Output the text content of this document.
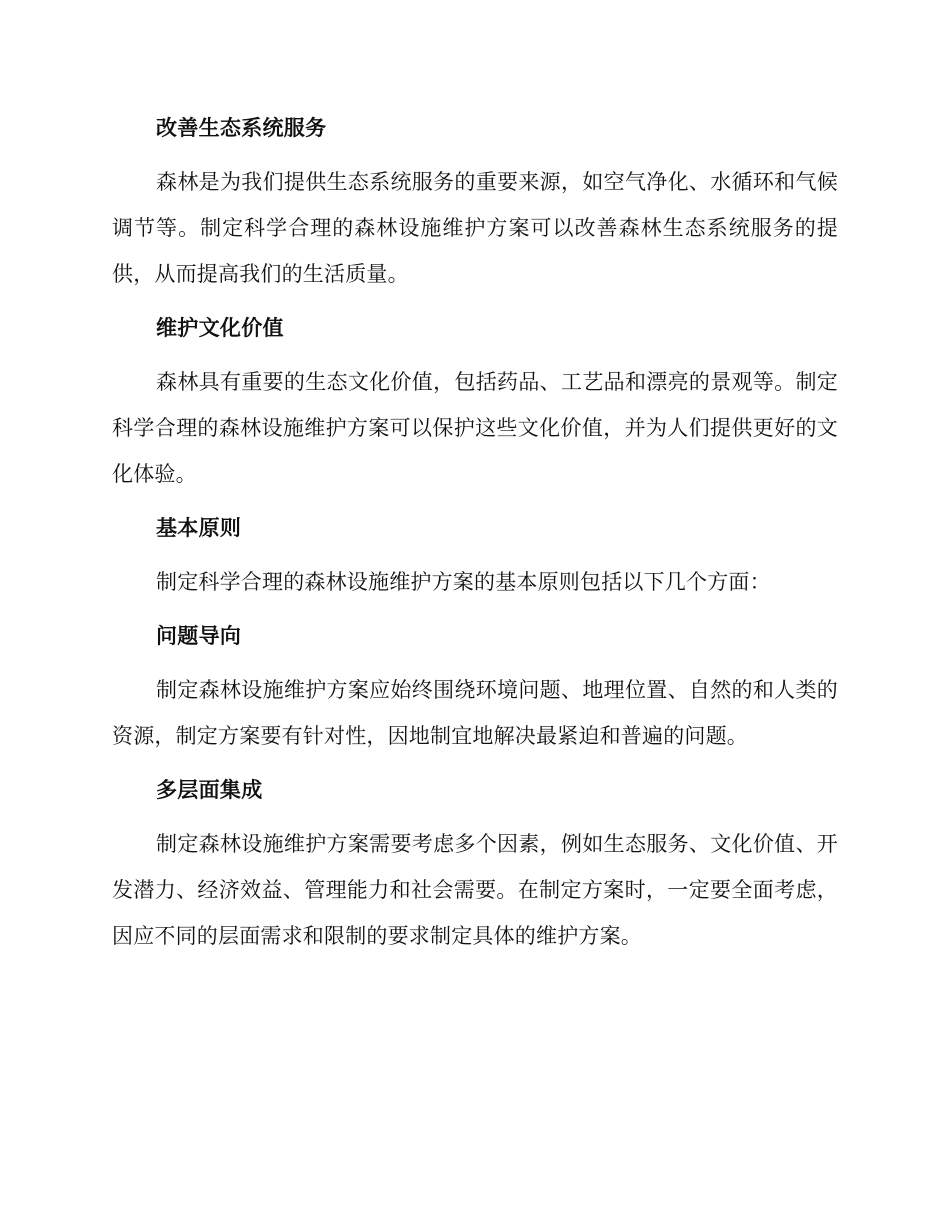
改善生态系统服务

森林是为我们提供生态系统服务的重要来源，如空气净化、水循环和气候调节等。制定科学合理的森林设施维护方案可以改善森林生态系统服务的提供，从而提高我们的生活质量。

维护文化价值

森林具有重要的生态文化价值，包括药品、工艺品和漂亮的景观等。制定科学合理的森林设施维护方案可以保护这些文化价值，并为人们提供更好的文化体验。

基本原则

制定科学合理的森林设施维护方案的基本原则包括以下几个方面：

问题导向

制定森林设施维护方案应始终围绕环境问题、地理位置、自然的和人类的资源，制定方案要有针对性，因地制宜地解决最紧迫和普遍的问题。

多层面集成

制定森林设施维护方案需要考虑多个因素，例如生态服务、文化价值、开发潜力、经济效益、管理能力和社会需要。在制定方案时，一定要全面考虑，因应不同的层面需求和限制的要求制定具体的维护方案。
